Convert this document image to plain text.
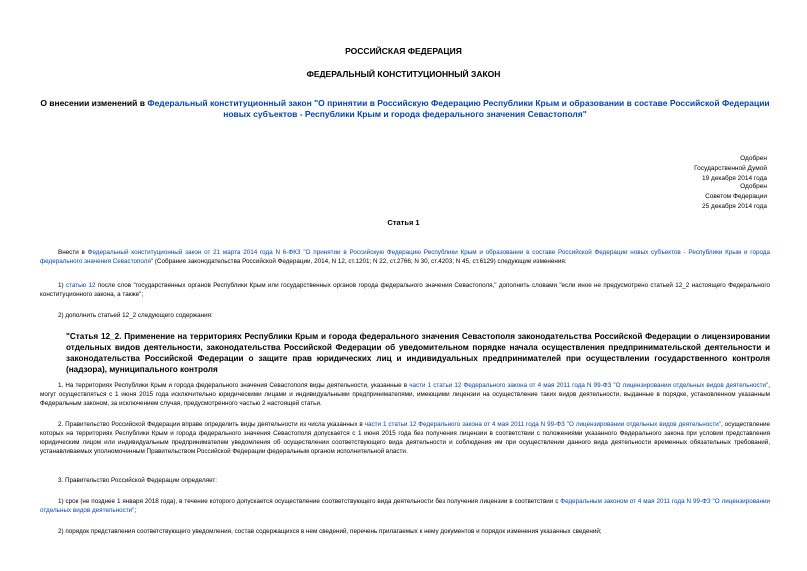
РОССИЙСКАЯ ФЕДЕРАЦИЯ
ФЕДЕРАЛЬНЫЙ КОНСТИТУЦИОННЫЙ ЗАКОН
О внесении изменений в Федеральный конституционный закон "О принятии в Российскую Федерацию Республики Крым и образовании в составе Российской Федерации новых субъектов - Республики Крым и города федерального значения Севастополя"
Одобрен
Государственной Думой
19 декабря 2014 года
Одобрен
Советом Федерации
25 декабря 2014 года
Статья 1
Внести в Федеральный конституционный закон от 21 марта 2014 года N 6-ФКЗ "О принятии в Российскую Федерацию Республики Крым и образовании в составе Российской Федерации новых субъектов - Республики Крым и города федерального значения Севастополя" (Собрание законодательства Российской Федерации, 2014, N 12, ст.1201; N 22, ст.2766; N 30, ст.4203; N 45, ст.6129) следующие изменения:
1) статью 12 после слов "государственных органов Республики Крым или государственных органов города федерального значения Севастополя," дополнить словами "если иное не предусмотрено статьей 12_2 настоящего Федерального конституционного закона, а также";
2) дополнить статьей 12_2 следующего содержания:
"Статья 12_2. Применение на территориях Республики Крым и города федерального значения Севастополя законодательства Российской Федерации о лицензировании отдельных видов деятельности, законодательства Российской Федерации об уведомительном порядке начала осуществления предпринимательской деятельности и законодательства Российской Федерации о защите прав юридических лиц и индивидуальных предпринимателей при осуществлении государственного контроля (надзора), муниципального контроля
1. На территориях Республики Крым и города федерального значения Севастополя виды деятельности, указанные в части 1 статьи 12 Федерального закона от 4 мая 2011 года N 99-ФЗ "О лицензировании отдельных видов деятельности", могут осуществляться с 1 июня 2015 года исключительно юридическими лицами и индивидуальными предпринимателями, имеющими лицензии на осуществление таких видов деятельности, выданные в порядке, установленном указанным Федеральным законом, за исключением случая, предусмотренного частью 2 настоящей статьи.
2. Правительство Российской Федерации вправе определить виды деятельности из числа указанных в части 1 статьи 12 Федерального закона от 4 мая 2011 года N 99-ФЗ "О лицензировании отдельных видов деятельности", осуществление которых на территориях Республики Крым и города федерального значения Севастополя допускается с 1 июня 2015 года без получения лицензии в соответствии с положениями указанного Федерального закона при условии представления юридическим лицом или индивидуальным предпринимателем уведомления об осуществлении соответствующего вида деятельности и соблюдения им при осуществлении данного вида деятельности временных обязательных требований, устанавливаемых уполномоченным Правительством Российской Федерации федеральным органом исполнительной власти.
3. Правительство Российской Федерации определяет:
1) срок (не позднее 1 января 2018 года), в течение которого допускается осуществление соответствующего вида деятельности без получения лицензии в соответствии с Федеральным законом от 4 мая 2011 года N 99-ФЗ "О лицензировании отдельных видов деятельности";
2) порядок представления соответствующего уведомления, состав содержащихся в нем сведений, перечень прилагаемых к нему документов и порядок изменения указанных сведений;
